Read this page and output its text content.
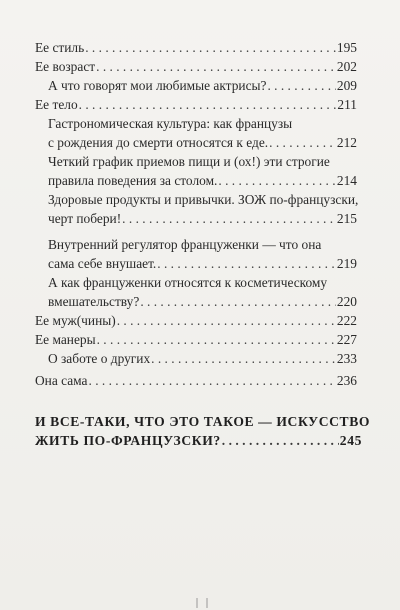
Ее стиль . . .	195
Ее возраст . . .	202
А что говорят мои любимые актрисы? . . .	209
Ее тело . . .	211
Гастрономическая культура: как французы
с рождения до смерти относятся к еде. . . .	212
Четкий график приемов пищи и (ох!) эти строгие
правила поведения за столом. . . .	214
Здоровые продукты и привычки. ЗОЖ по-французски,
черт побери! . . .	215
Внутренний регулятор француженки — что она
сама себе внушает. . . .	219
А как француженки относятся к косметическому
вмешательству? . . .	220
Ее муж(чины) . . .	222
Ее манеры . . .	227
О заботе о других . . .	233
Она сама . . .	236
И ВСЕ-ТАКИ, ЧТО ЭТО ТАКОЕ — ИСКУССТВО
ЖИТЬ ПО-ФРАНЦУЗСКИ? . . .	245
